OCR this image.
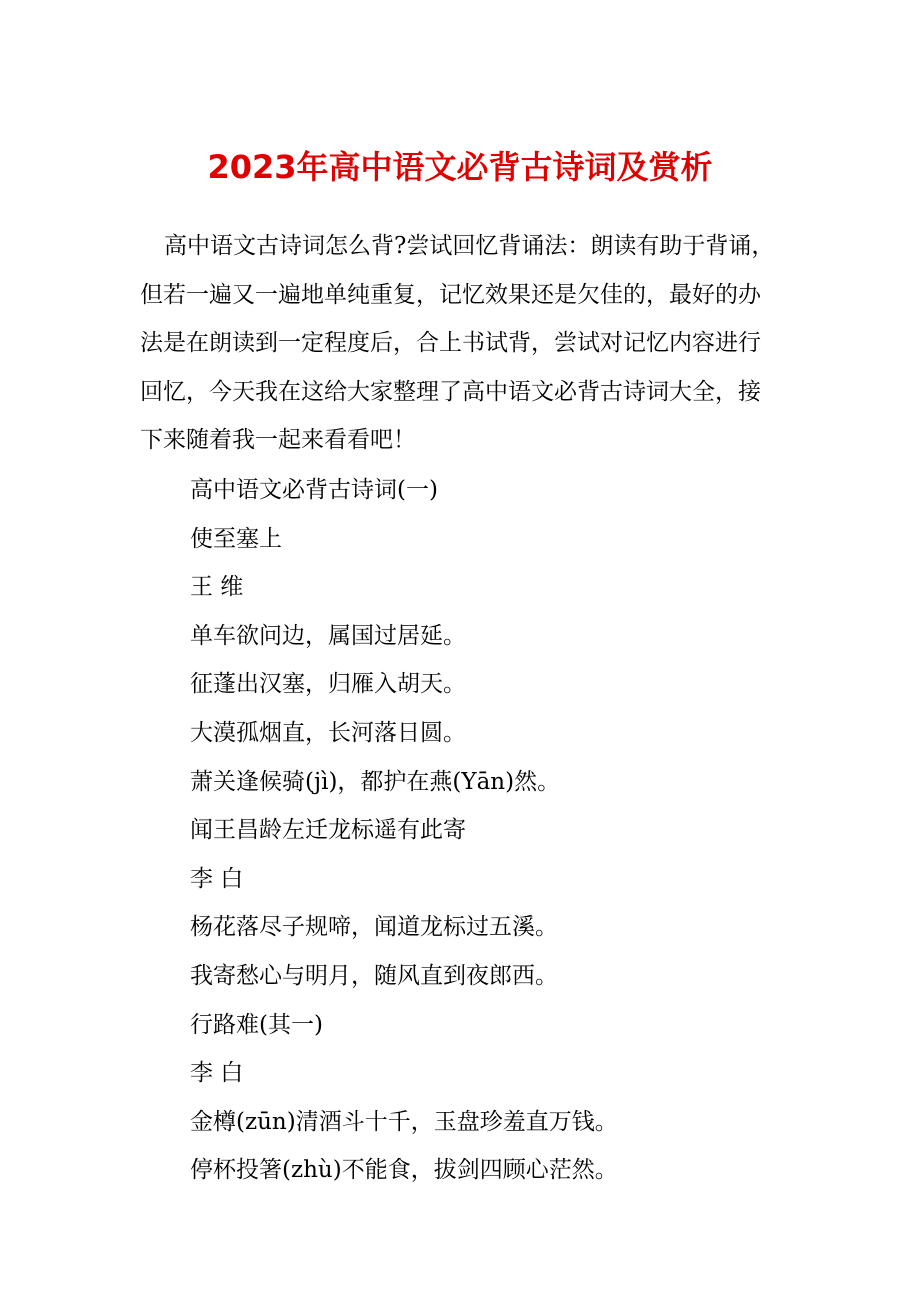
2023年高中语文必背古诗词及赏析

高中语文古诗词怎么背?尝试回忆背诵法：朗读有助于背诵，但若一遍又一遍地单纯重复，记忆效果还是欠佳的，最好的办法是在朗读到一定程度后，合上书试背，尝试对记忆内容进行回忆，今天我在这给大家整理了高中语文必背古诗词大全，接下来随着我一起来看看吧！

高中语文必背古诗词(一)
使至塞上
王 维
单车欲问边，属国过居延。
征蓬出汉塞，归雁入胡天。
大漠孤烟直，长河落日圆。
萧关逢候骑(jì)，都护在燕(Yān)然。
闻王昌龄左迁龙标遥有此寄
李 白
杨花落尽子规啼，闻道龙标过五溪。
我寄愁心与明月，随风直到夜郎西。
行路难(其一)
李 白
金樽(zūn)清酒斗十千，玉盘珍羞直万钱。
停杯投箸(zhù)不能食，拔剑四顾心茫然。
